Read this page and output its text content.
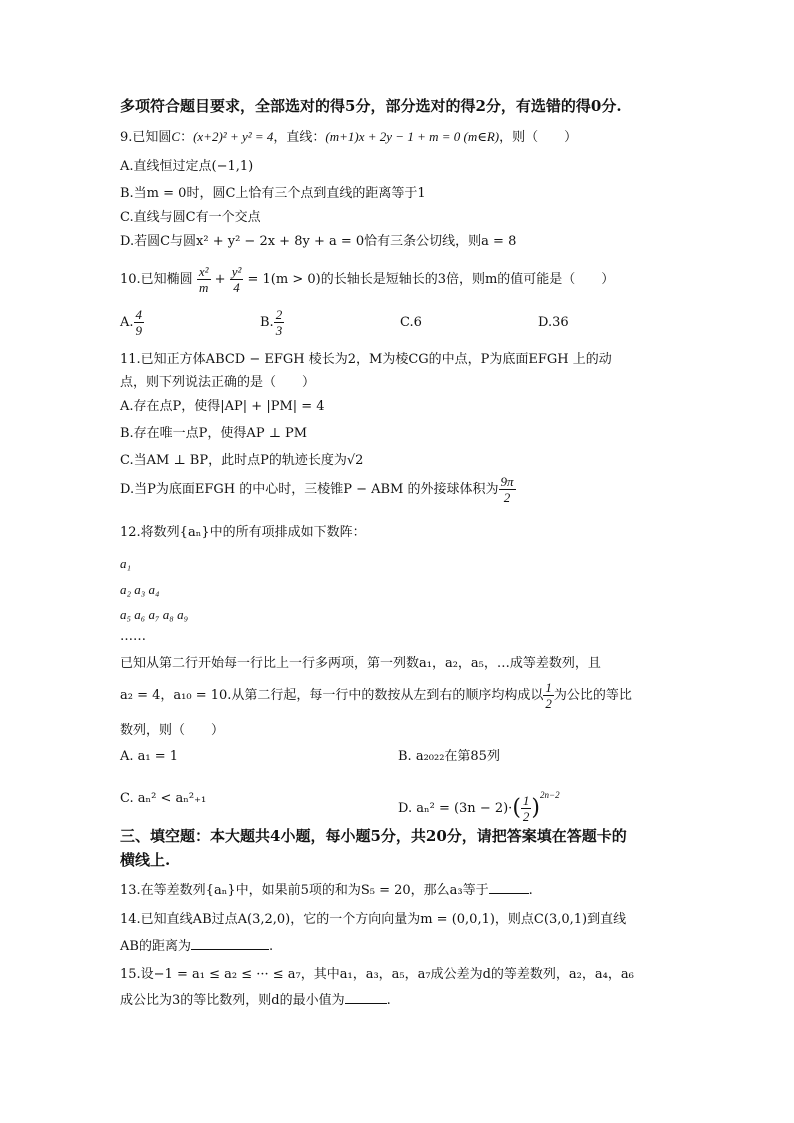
多项符合题目要求，全部选对的得5分，部分选对的得2分，有选错的得0分.
9.已知圆C：(x+2)² + y² = 4，直线：(m+1)x + 2y − 1 + m = 0 (m∈R)，则（　　）
A.直线恒过定点(−1,1)
B.当m = 0时，圆C上恰有三个点到直线的距离等于1
C.直线与圆C有一个交点
D.若圆C与圆x² + y² − 2x + 8y + a = 0恰有三条公切线，则a = 8
10.已知椭圆 $\frac{\text{x²}}{m} + \frac{\text{y²}}{4} = 1(m > 0)$的长轴长是短轴长的3倍，则m的值可能是（　　）
A. $\frac{4}{9}$	B. $\frac{2}{3}$	C.6	D.36
11.已知正方体ABCD − EFGH 棱长为2，M为棱CG的中点，P为底面EFGH 上的动
点，则下列说法正确的是（　　）
A.存在点P，使得|AP| + |PM| = 4
B.存在唯一点P，使得AP ⊥ PM
C.当AM ⊥ BP，此时点P的轨迹长度为√2
D.当P为底面EFGH 的中心时，三棱锥P − ABM 的外接球体积为 $\frac{9\pi}{2}$
12.将数列{aₙ}中的所有项排成如下数阵：
a₁
a₂ a₃ a₄
a₅ a₆ a₇ a₈ a₉
……
已知从第二行开始每一行比上一行多两项，第一列数a₁，a₂，a₅，…成等差数列，且
a₂ = 4，a₁₀ = 10.从第二行起，每一行中的数按从左到右的顺序均构成以 $\frac{1}{2}$ 为公比的等比
数列，则（　　）
A. a₁ = 1	B. a₂₀₂₂在第85列
C. aₙ² < aₙ²₊₁
D. $a_n^2 = (3n - 2)\cdot( \frac{1}{2} )^{2n-2}$
三、填空题：本大题共4小题，每小题5分，共20分，请把答案填在答题卡的
横线上.
13.在等差数列{aₙ}中，如果前5项的和为S₅ = 20，那么a₃等于	.
14.已知直线AB过点A(3,2,0)，它的一个方向向量为m = (0,0,1)，则点C(3,0,1)到直线
AB的距离为	.
15.设−1 = a₁ ≤ a₂ ≤ ··· ≤ a₇，其中a₁，a₃，a₅，a₇成公差为d的等差数列，a₂，a₄，a₆
成公比为3的等比数列，则d的最小值为	.
